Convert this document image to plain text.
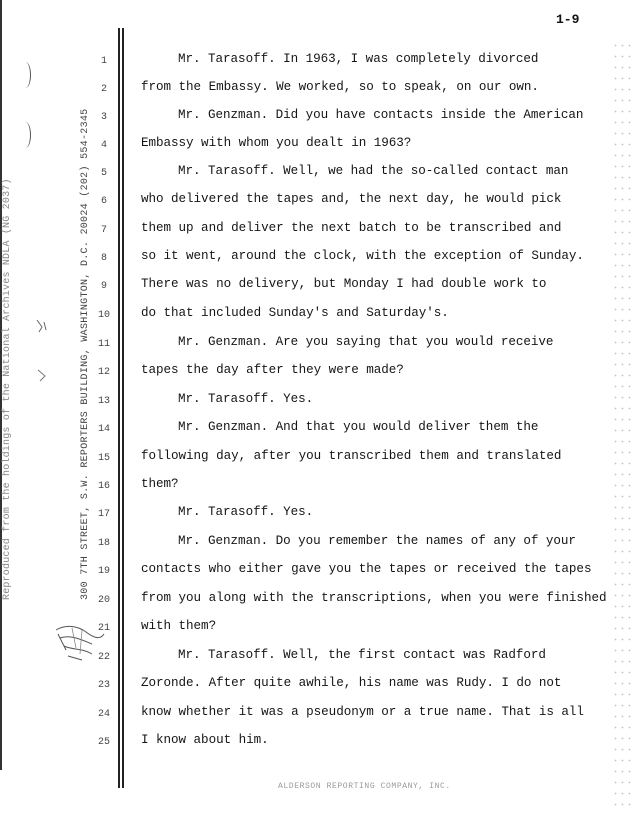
1-9
Reproduced from the holdings of the National Archives NDLA (NG 2037)	300 7TH STREET, S.W. REPORTERS BUILDING, WASHINGTON, D.C. 20024 (202) 554-2345
1
2
3
4
5
6
7
8
9
10
11
12
13
14
15
16
17
18
19
20
21
22
23
24
25
Mr. Tarasoff. In 1963, I was completely divorced
from the Embassy. We worked, so to speak, on our own.
Mr. Genzman. Did you have contacts inside the American
Embassy with whom you dealt in 1963?
Mr. Tarasoff. Well, we had the so-called contact man
who delivered the tapes and, the next day, he would pick
them up and deliver the next batch to be transcribed and
so it went, around the clock, with the exception of Sunday.
There was no delivery, but Monday I had double work to
do that included Sunday's and Saturday's.
Mr. Genzman. Are you saying that you would receive
tapes the day after they were made?
Mr. Tarasoff. Yes.
Mr. Genzman. And that you would deliver them the
following day, after you transcribed them and translated
them?
Mr. Tarasoff. Yes.
Mr. Genzman. Do you remember the names of any of your
contacts who either gave you the tapes or received the tapes
from you along with the transcriptions, when you were finished
with them?
Mr. Tarasoff. Well, the first contact was Radford
Zoronde. After quite awhile, his name was Rudy. I do not
know whether it was a pseudonym or a true name. That is all
I know about him.
ALDERSON REPORTING COMPANY, INC.
